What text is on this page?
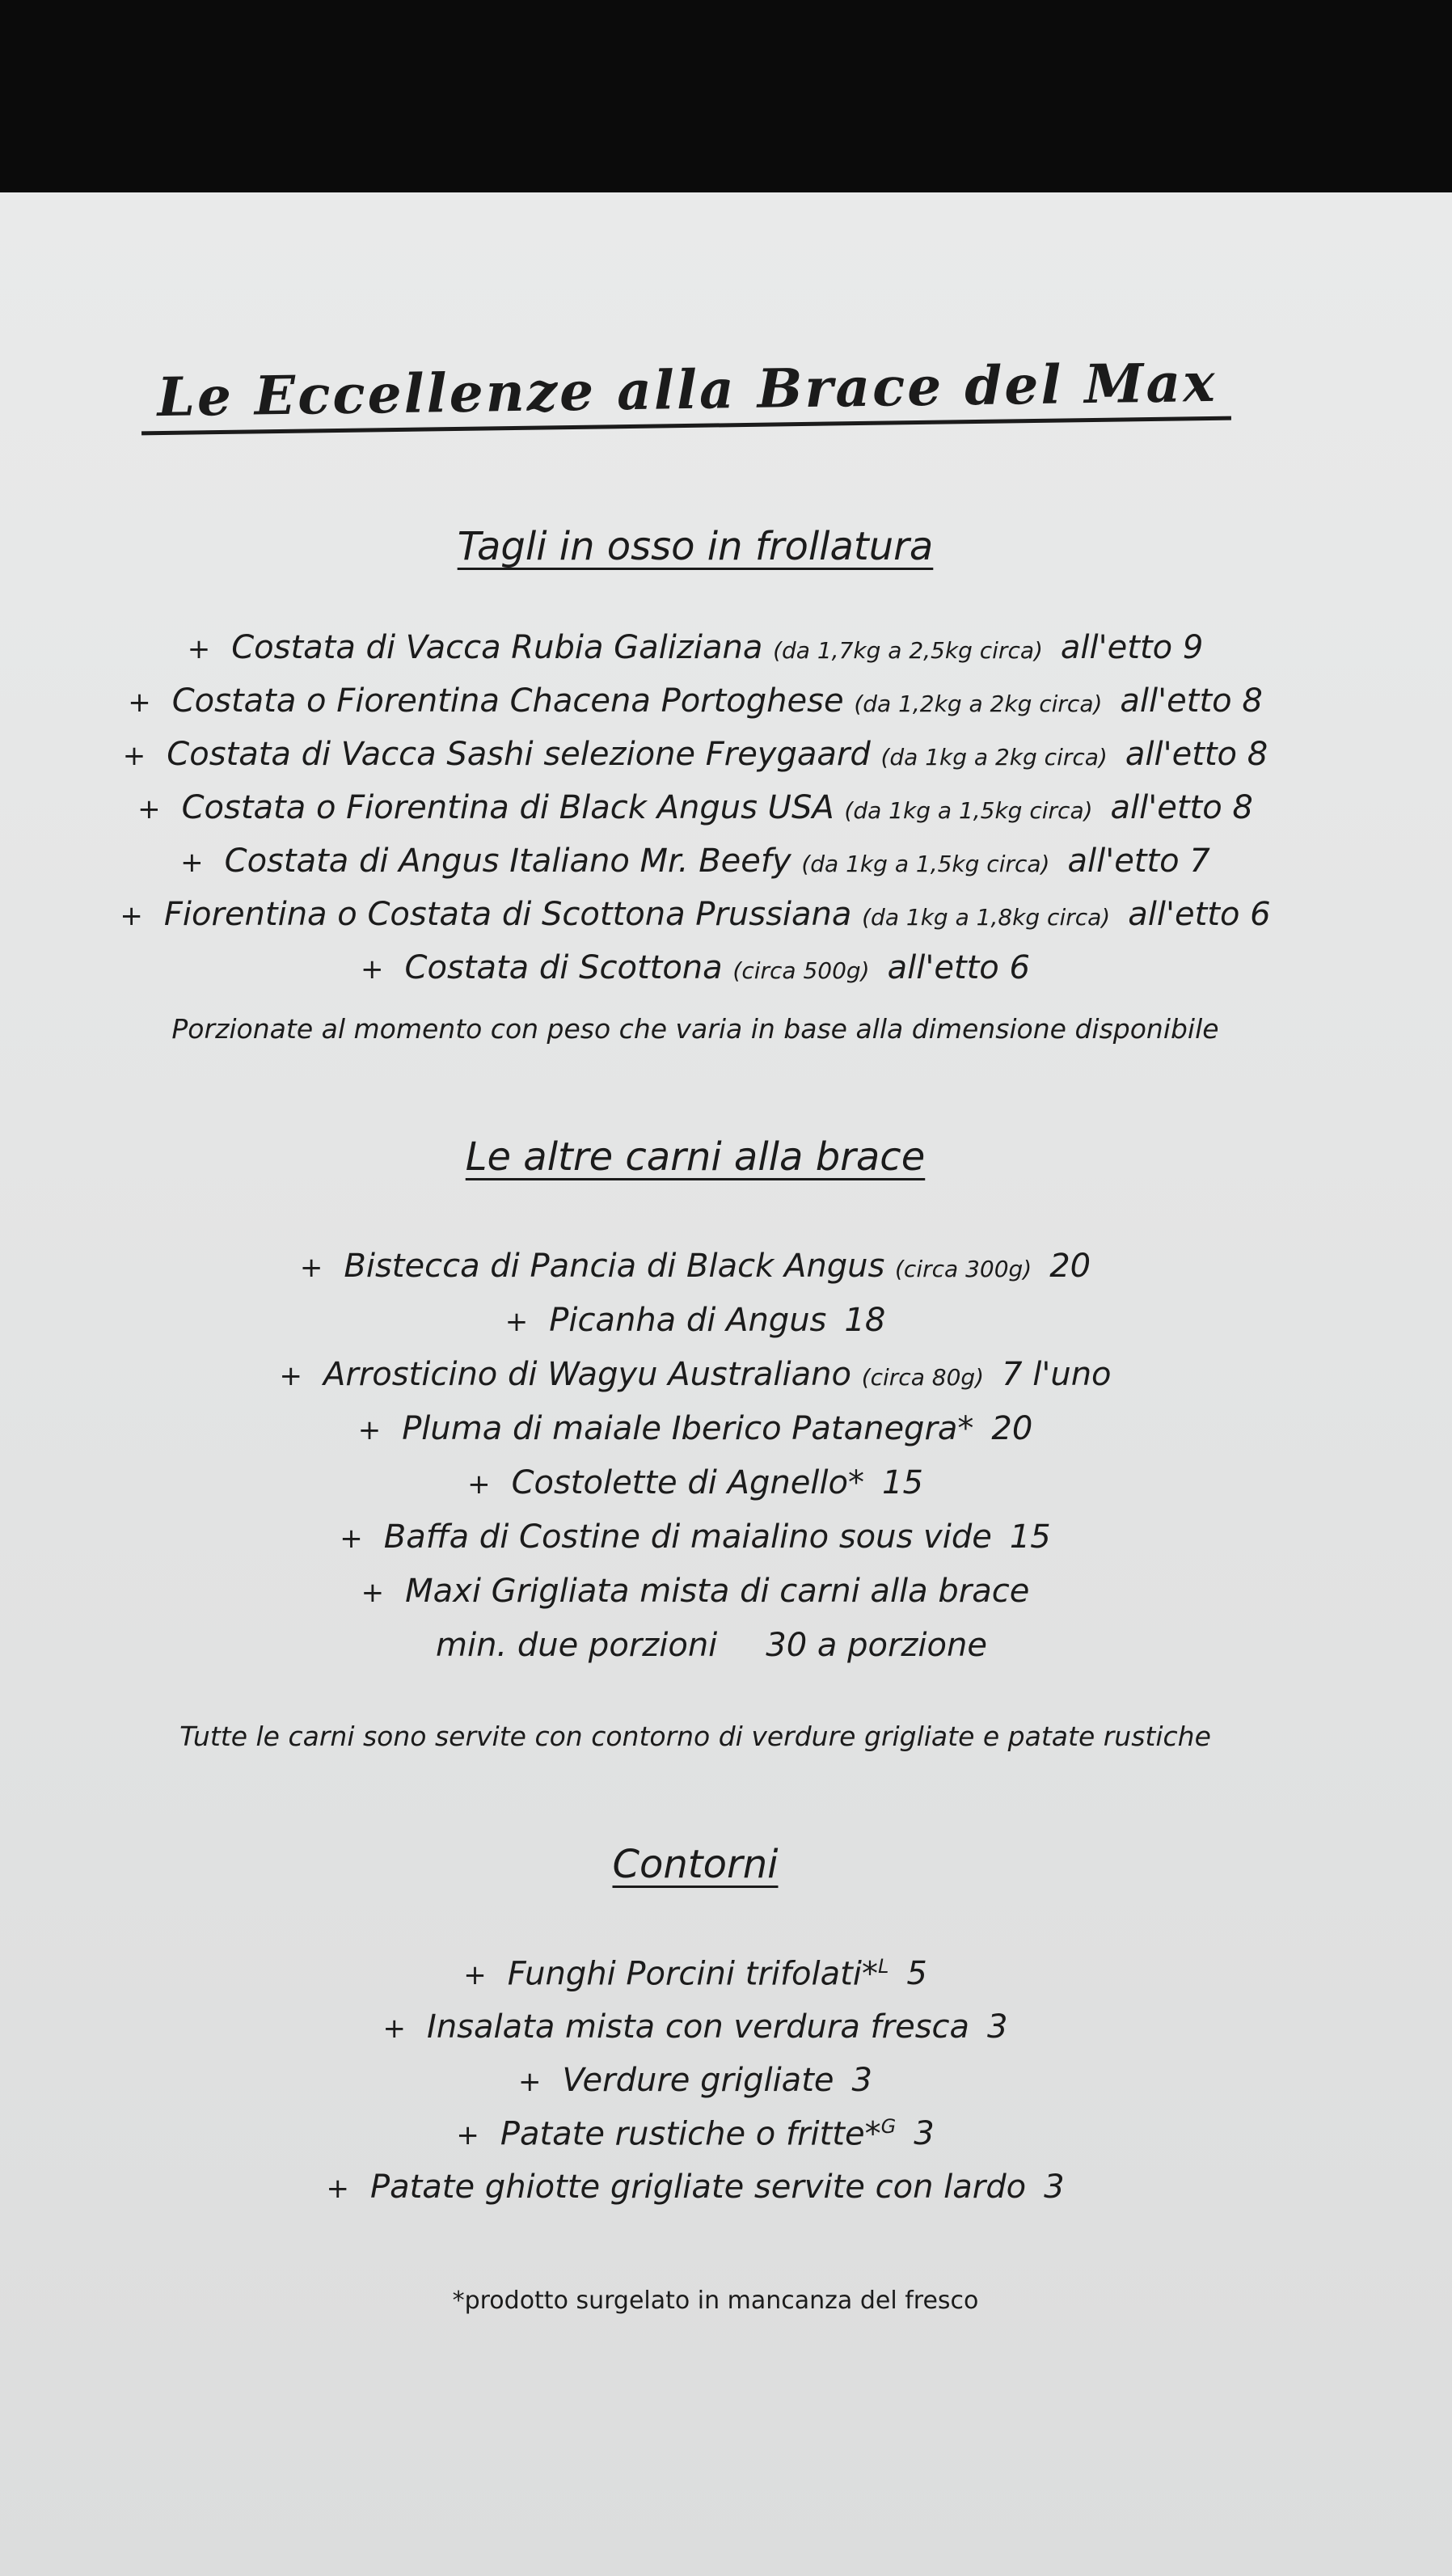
Le Eccellenze alla Brace del Max
Tagli in osso in frollatura
+ Costata di Vacca Rubia Galiziana (da 1,7kg a 2,5kg circa) all'etto 9
+ Costata o Fiorentina Chacena Portoghese (da 1,2kg a 2kg circa) all'etto 8
+ Costata di Vacca Sashi selezione Freygaard (da 1kg a 2kg circa) all'etto 8
+ Costata o Fiorentina di Black Angus USA (da 1kg a 1,5kg circa) all'etto 8
+ Costata di Angus Italiano Mr. Beefy (da 1kg a 1,5kg circa) all'etto 7
+ Fiorentina o Costata di Scottona Prussiana (da 1kg a 1,8kg circa) all'etto 6
+ Costata di Scottona (circa 500g) all'etto 6
Porzionate al momento con peso che varia in base alla dimensione disponibile
Le altre carni alla brace
+ Bistecca di Pancia di Black Angus (circa 300g) 20
+ Picanha di Angus 18
+ Arrosticino di Wagyu Australiano (circa 80g) 7 l'uno
+ Pluma di maiale Iberico Patanegra* 20
+ Costolette di Agnello* 15
+ Baffa di Costine di maialino sous vide 15
+ Maxi Grigliata mista di carni alla brace
min. due porzioni 30 a porzione
Tutte le carni sono servite con contorno di verdure grigliate e patate rustiche
Contorni
+ Funghi Porcini trifolati*$^L$ 5
+ Insalata mista con verdura fresca 3
+ Verdure grigliate 3
+ Patate rustiche o fritte*$^G$ 3
+ Patate ghiotte grigliate servite con lardo 3
*prodotto surgelato in mancanza del fresco
